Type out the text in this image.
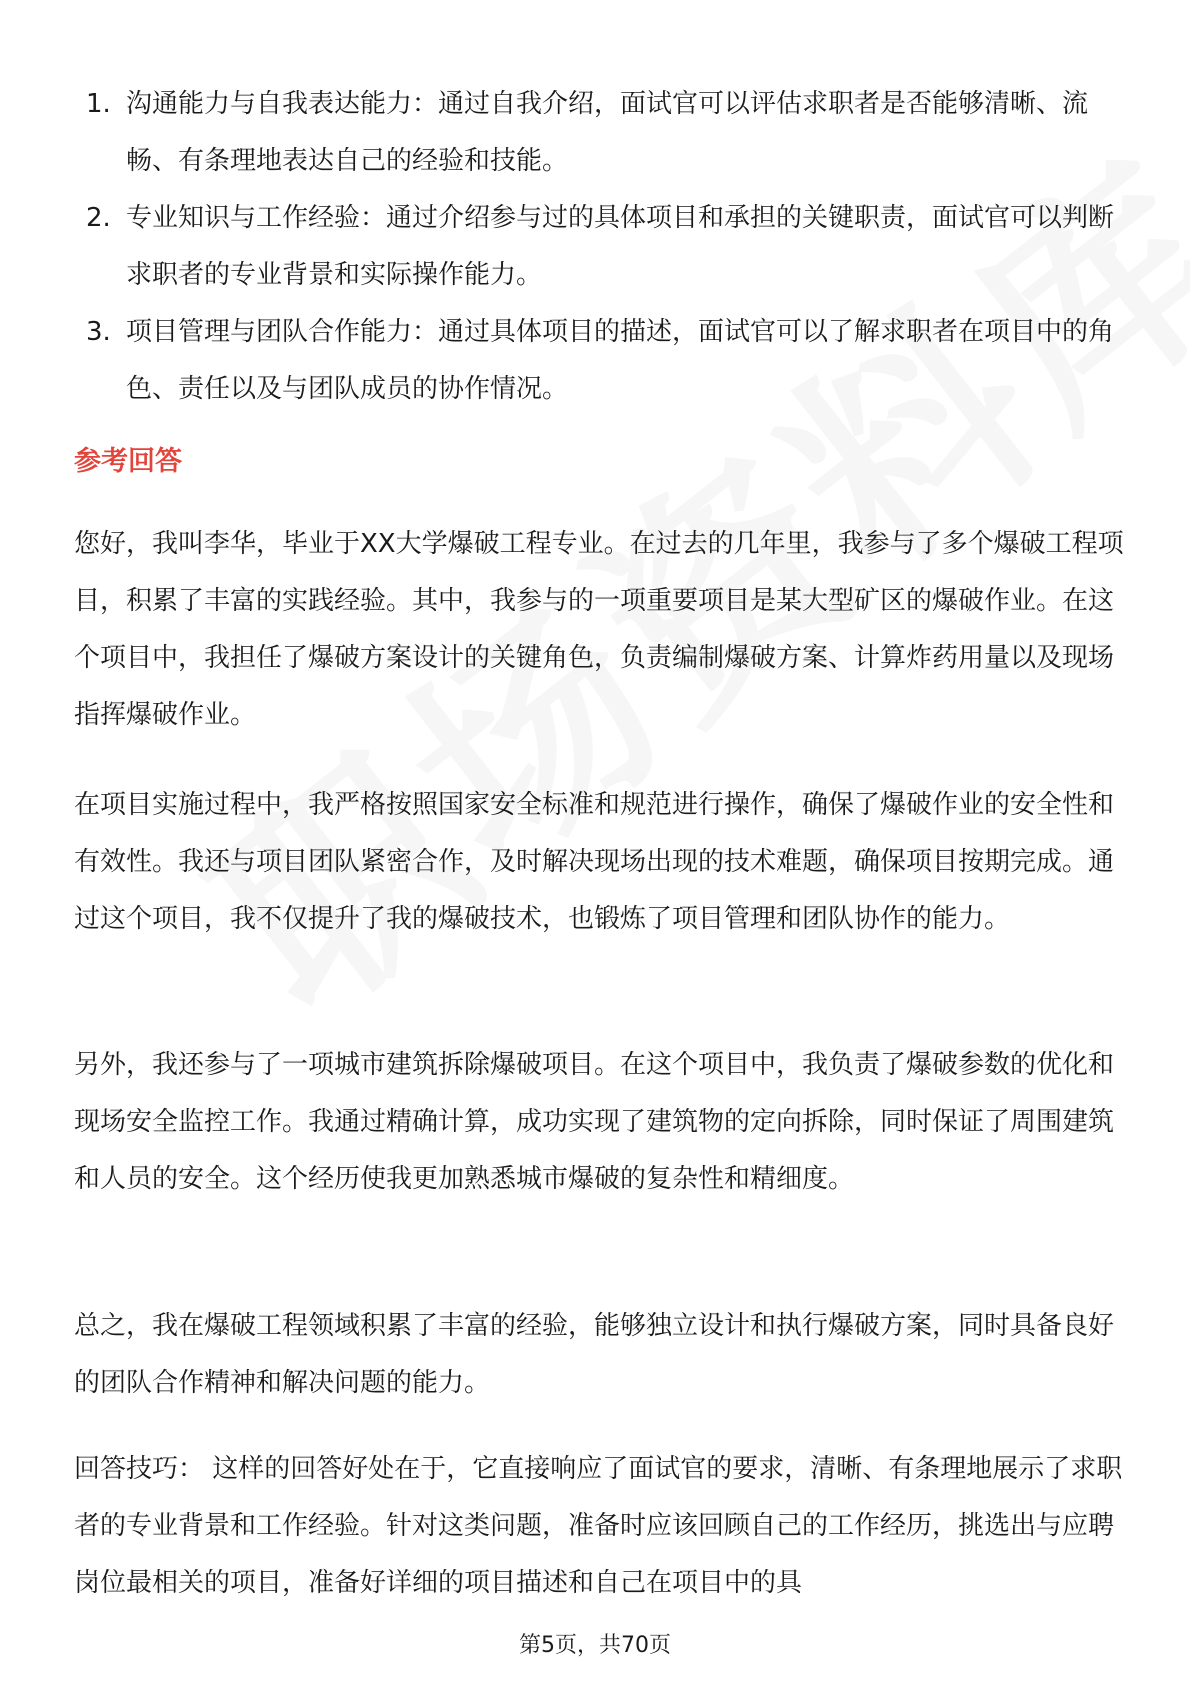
1. 沟通能力与自我表达能力：通过自我介绍，面试官可以评估求职者是否能够清晰、流畅、有条理地表达自己的经验和技能。
2. 专业知识与工作经验：通过介绍参与过的具体项目和承担的关键职责，面试官可以判断求职者的专业背景和实际操作能力。
3. 项目管理与团队合作能力：通过具体项目的描述，面试官可以了解求职者在项目中的角色、责任以及与团队成员的协作情况。
参考回答

您好，我叫李华，毕业于XX大学爆破工程专业。在过去的几年里，我参与了多个爆破工程项目，积累了丰富的实践经验。其中，我参与的一项重要项目是某大型矿区的爆破作业。在这个项目中，我担任了爆破方案设计的关键角色，负责编制爆破方案、计算炸药用量以及现场指挥爆破作业。

在项目实施过程中，我严格按照国家安全标准和规范进行操作，确保了爆破作业的安全性和有效性。我还与项目团队紧密合作，及时解决现场出现的技术难题，确保项目按期完成。通过这个项目，我不仅提升了我的爆破技术，也锻炼了项目管理和团队协作的能力。

另外，我还参与了一项城市建筑拆除爆破项目。在这个项目中，我负责了爆破参数的优化和现场安全监控工作。我通过精确计算，成功实现了建筑物的定向拆除，同时保证了周围建筑和人员的安全。这个经历使我更加熟悉城市爆破的复杂性和精细度。

总之，我在爆破工程领域积累了丰富的经验，能够独立设计和执行爆破方案，同时具备良好的团队合作精神和解决问题的能力。

回答技巧： 这样的回答好处在于，它直接响应了面试官的要求，清晰、有条理地展示了求职者的专业背景和工作经验。针对这类问题，准备时应该回顾自己的工作经历，挑选出与应聘岗位最相关的项目，准备好详细的项目描述和自己在项目中的具

第5页，共70页
